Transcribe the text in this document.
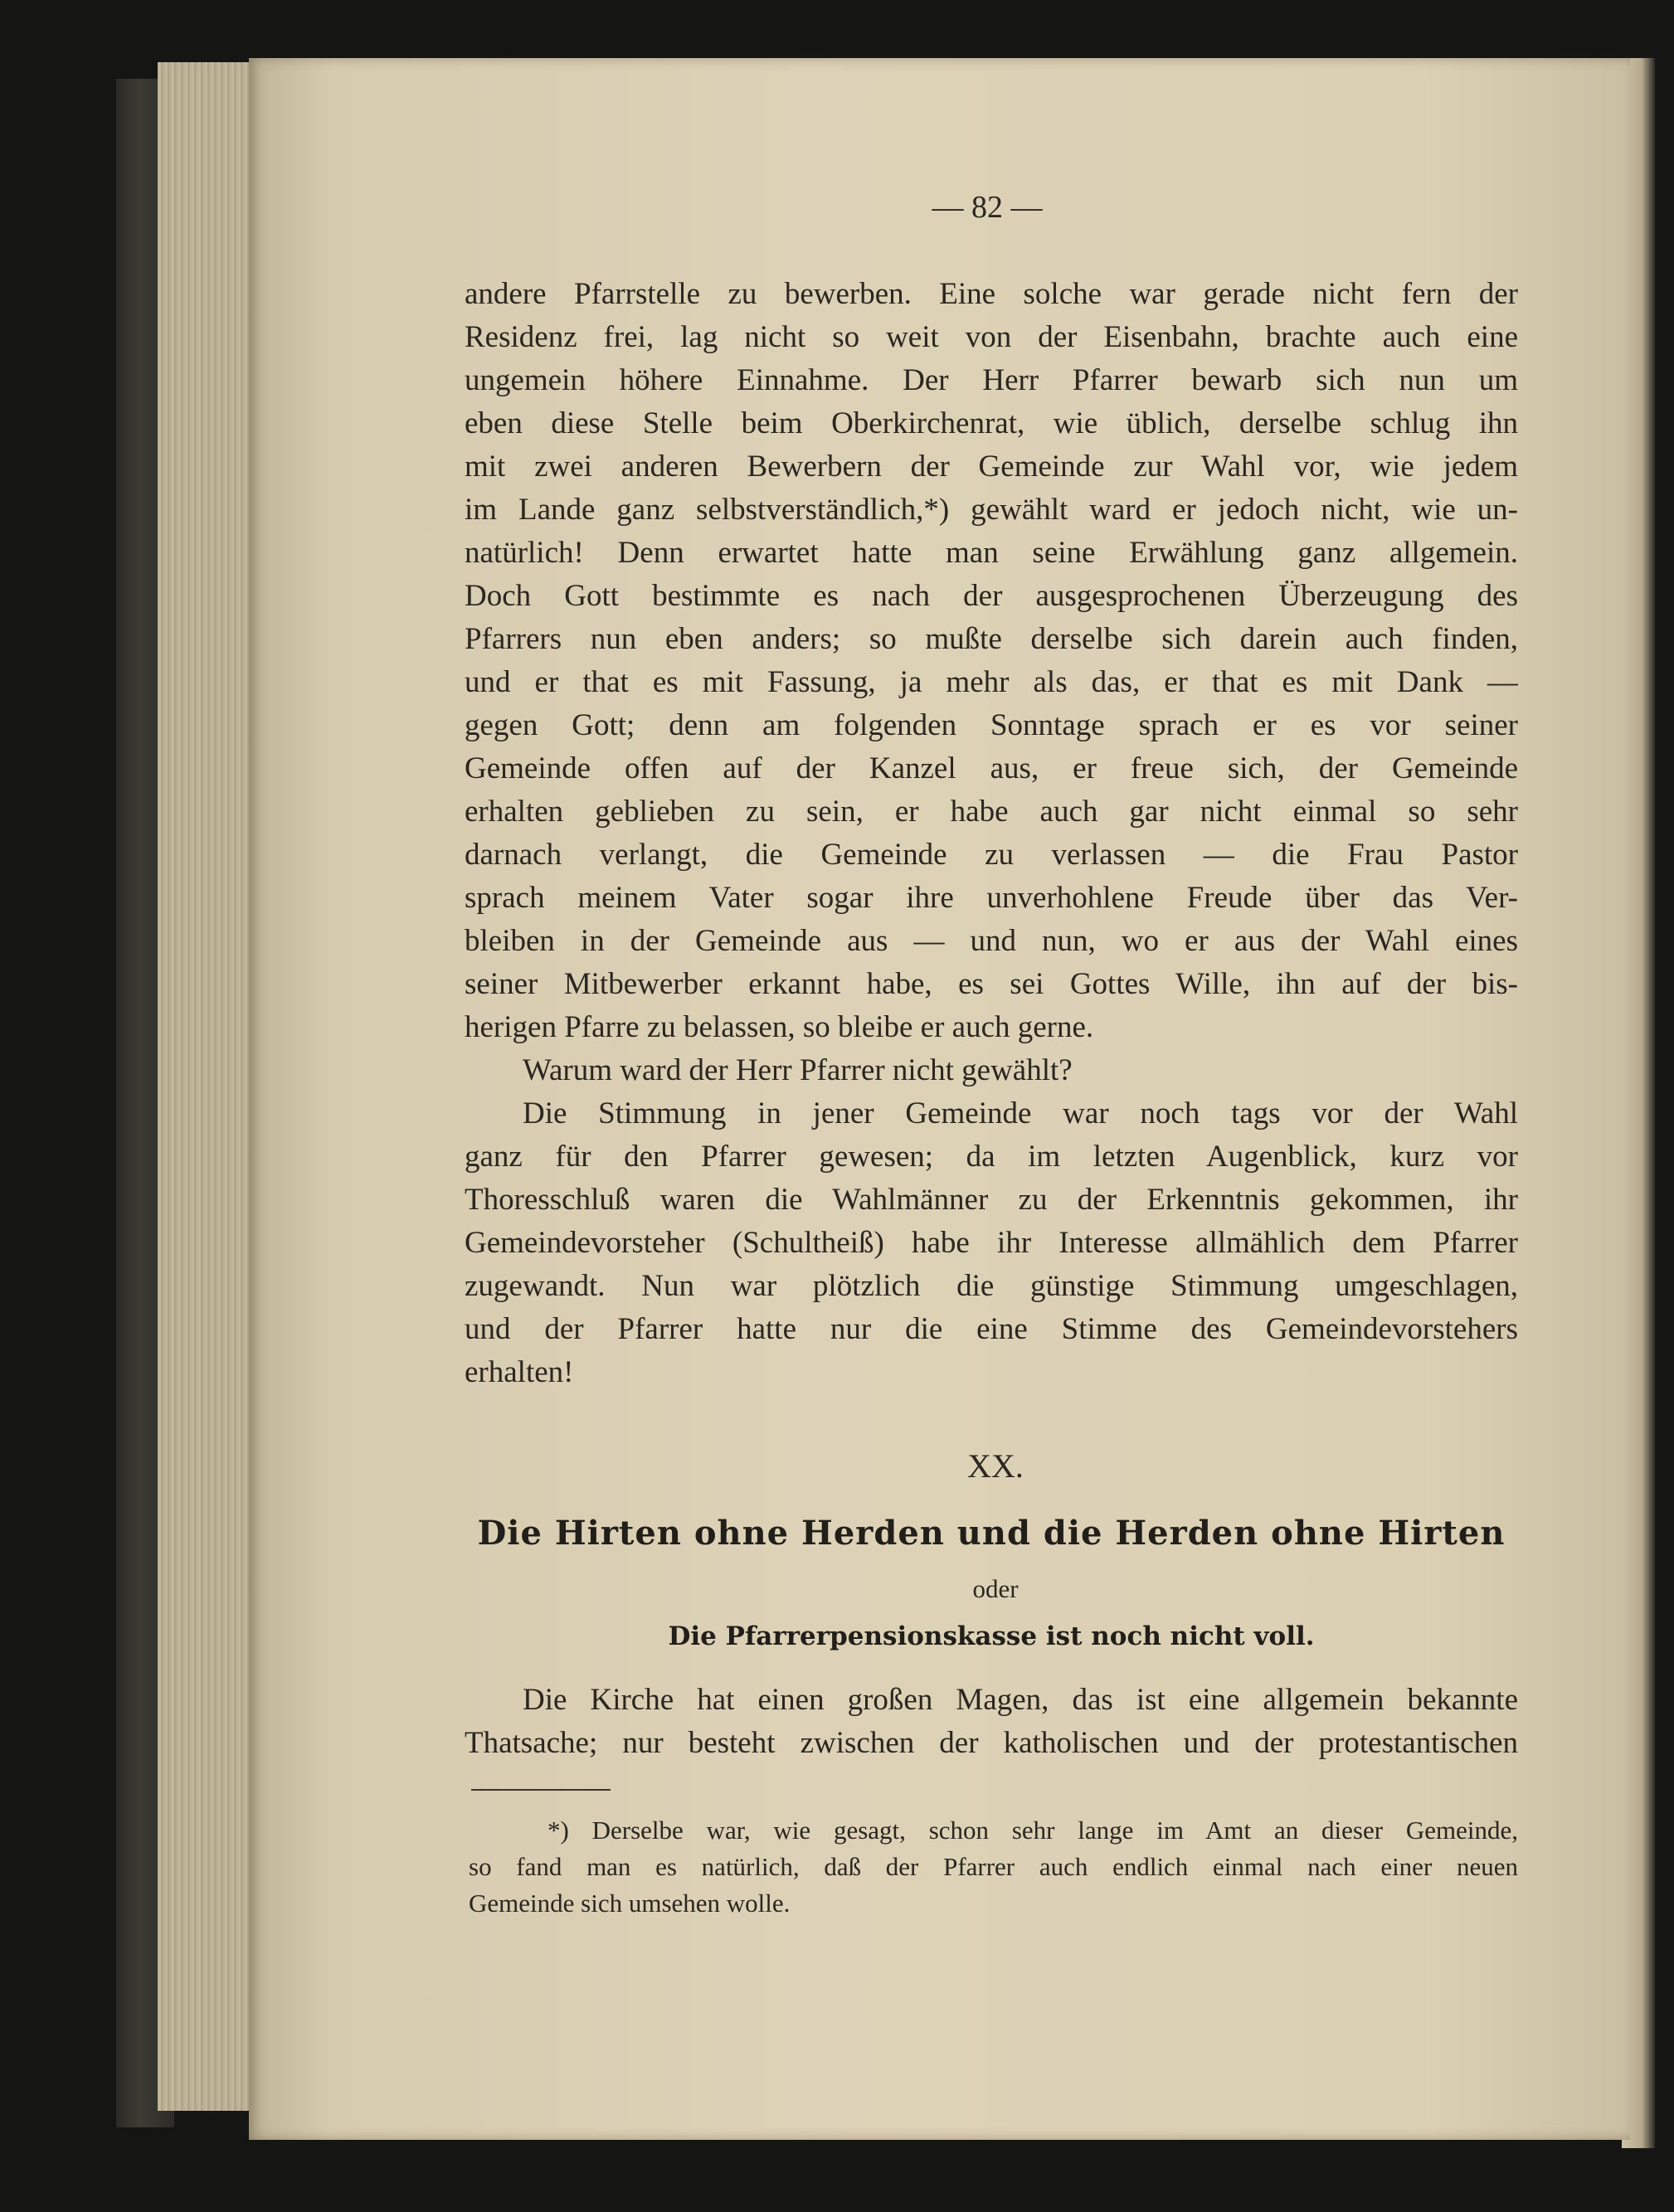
— 82 —
andere Pfarrstelle zu bewerben. Eine solche war gerade nicht fern der
Residenz frei, lag nicht so weit von der Eisenbahn, brachte auch eine
ungemein höhere Einnahme. Der Herr Pfarrer bewarb sich nun um
eben diese Stelle beim Oberkirchenrat, wie üblich, derselbe schlug ihn
mit zwei anderen Bewerbern der Gemeinde zur Wahl vor, wie jedem
im Lande ganz selbstverständlich,*) gewählt ward er jedoch nicht, wie un-
natürlich! Denn erwartet hatte man seine Erwählung ganz allgemein.
Doch Gott bestimmte es nach der ausgesprochenen Überzeugung des
Pfarrers nun eben anders; so mußte derselbe sich darein auch finden,
und er that es mit Fassung, ja mehr als das, er that es mit Dank —
gegen Gott; denn am folgenden Sonntage sprach er es vor seiner
Gemeinde offen auf der Kanzel aus, er freue sich, der Gemeinde
erhalten geblieben zu sein, er habe auch gar nicht einmal so sehr
darnach verlangt, die Gemeinde zu verlassen — die Frau Pastor
sprach meinem Vater sogar ihre unverhohlene Freude über das Ver-
bleiben in der Gemeinde aus — und nun, wo er aus der Wahl eines
seiner Mitbewerber erkannt habe, es sei Gottes Wille, ihn auf der bis-
herigen Pfarre zu belassen, so bleibe er auch gerne.
Warum ward der Herr Pfarrer nicht gewählt?
Die Stimmung in jener Gemeinde war noch tags vor der Wahl
ganz für den Pfarrer gewesen; da im letzten Augenblick, kurz vor
Thoresschluß waren die Wahlmänner zu der Erkenntnis gekommen, ihr
Gemeindevorsteher (Schultheiß) habe ihr Interesse allmählich dem Pfarrer
zugewandt. Nun war plötzlich die günstige Stimmung umgeschlagen,
und der Pfarrer hatte nur die eine Stimme des Gemeindevorstehers
erhalten!
XX.
Die Hirten ohne Herden und die Herden ohne Hirten
oder
Die Pfarrerpensionskasse ist noch nicht voll.
Die Kirche hat einen großen Magen, das ist eine allgemein bekannte
Thatsache; nur besteht zwischen der katholischen und der protestantischen
*) Derselbe war, wie gesagt, schon sehr lange im Amt an dieser Gemeinde,
so fand man es natürlich, daß der Pfarrer auch endlich einmal nach einer neuen
Gemeinde sich umsehen wolle.
